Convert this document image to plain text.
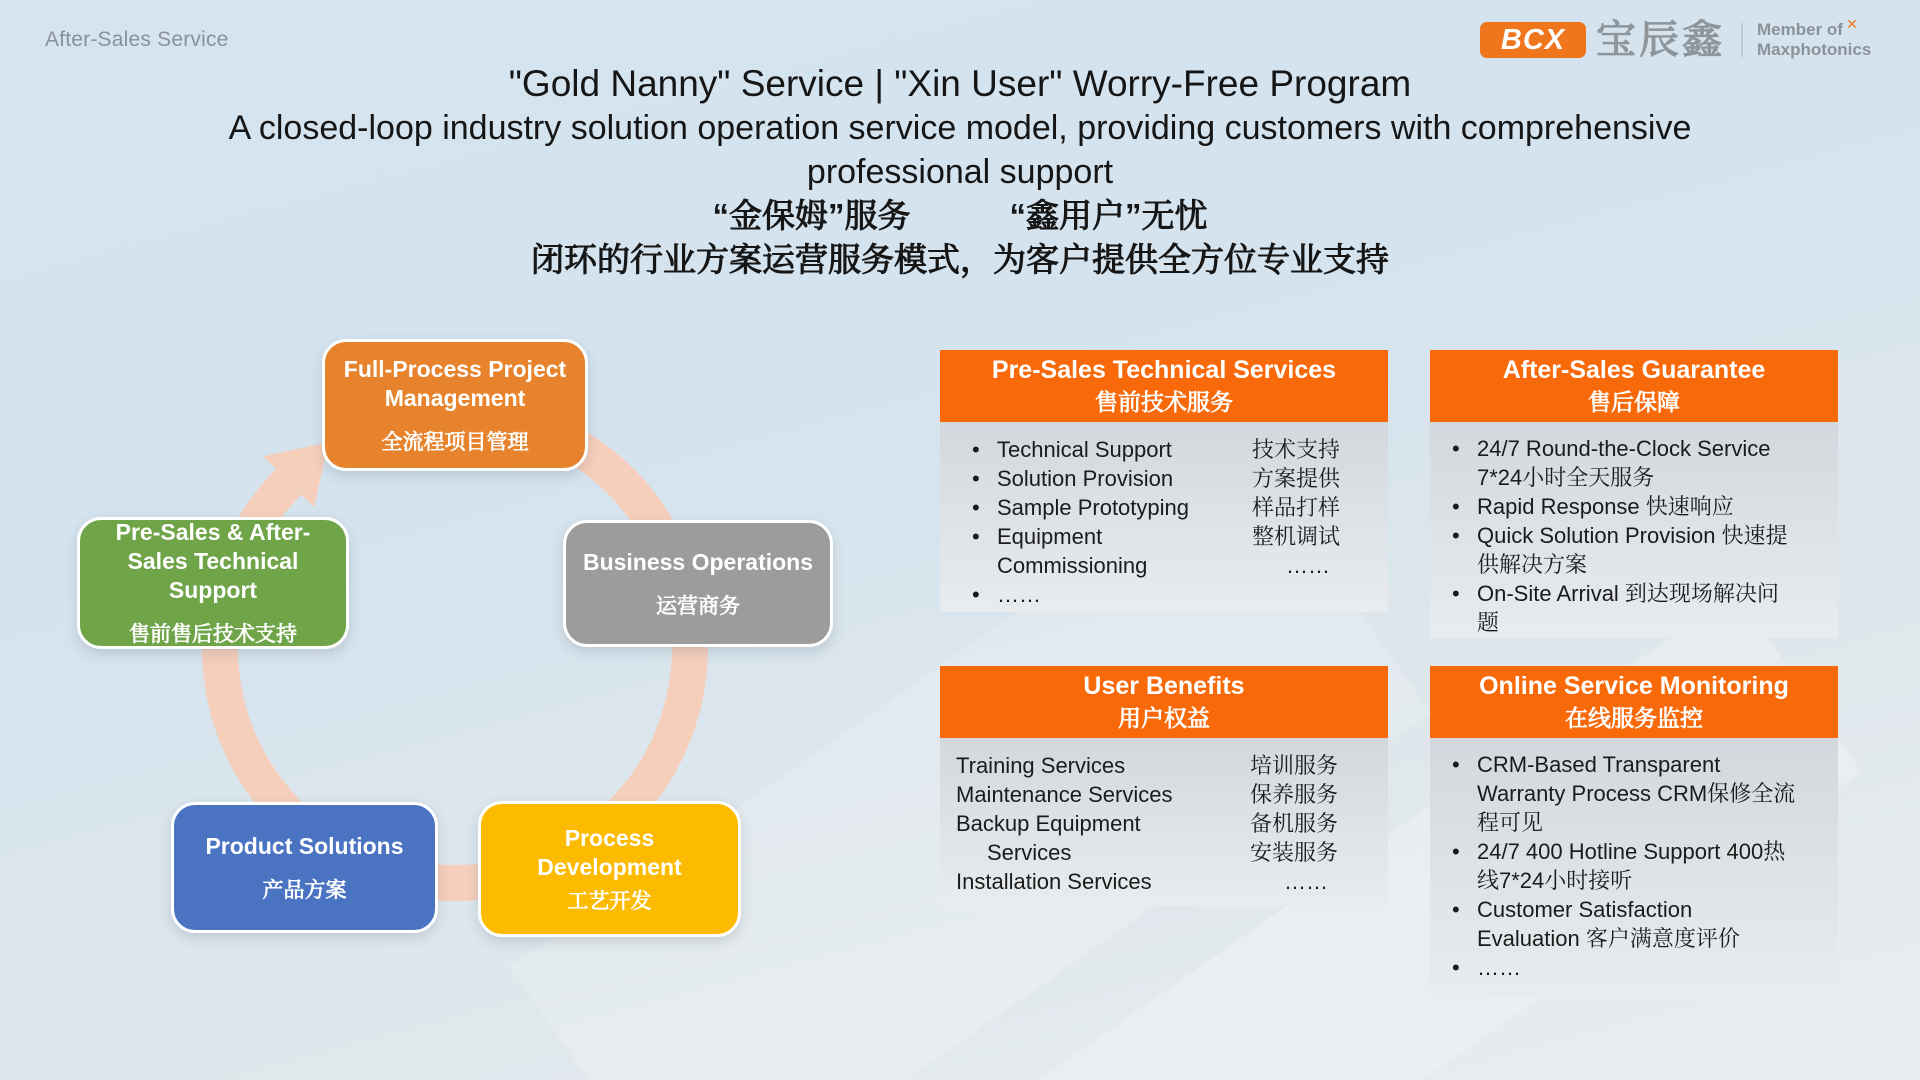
After-Sales Service	BCX 宝辰鑫 Member of ✕
Maxphotonics
"Gold Nanny" Service | "Xin User" Worry-Free Program
A closed-loop industry solution operation service model, providing customers with comprehensive
professional support
“金保姆”服务　　　“鑫用户”无忧
闭环的行业方案运营服务模式，为客户提供全方位专业支持
Full-Process Project Management
全流程项目管理
Business Operations
运营商务
Process Development
工艺开发
Product Solutions
产品方案
Pre-Sales & After-Sales Technical Support
售前售后技术支持
Pre-Sales Technical Services
售前技术服务
• Technical Support
• Solution Provision
• Sample Prototyping
• Equipment Commissioning
• ……
技术支持
方案提供
样品打样
整机调试
……
After-Sales Guarantee
售后保障
• 24/7 Round-the-Clock Service 7*24小时全天服务
• Rapid Response 快速响应
• Quick Solution Provision 快速提供解决方案
• On-Site Arrival 到达现场解决问题
User Benefits
用户权益
Training Services
Maintenance Services
Backup Equipment Services
Installation Services
培训服务
保养服务
备机服务
安装服务
……
Online Service Monitoring
在线服务监控
• CRM-Based Transparent Warranty Process CRM保修全流程可见
• 24/7 400 Hotline Support 400热线7*24小时接听
• Customer Satisfaction Evaluation 客户满意度评价
• ……
